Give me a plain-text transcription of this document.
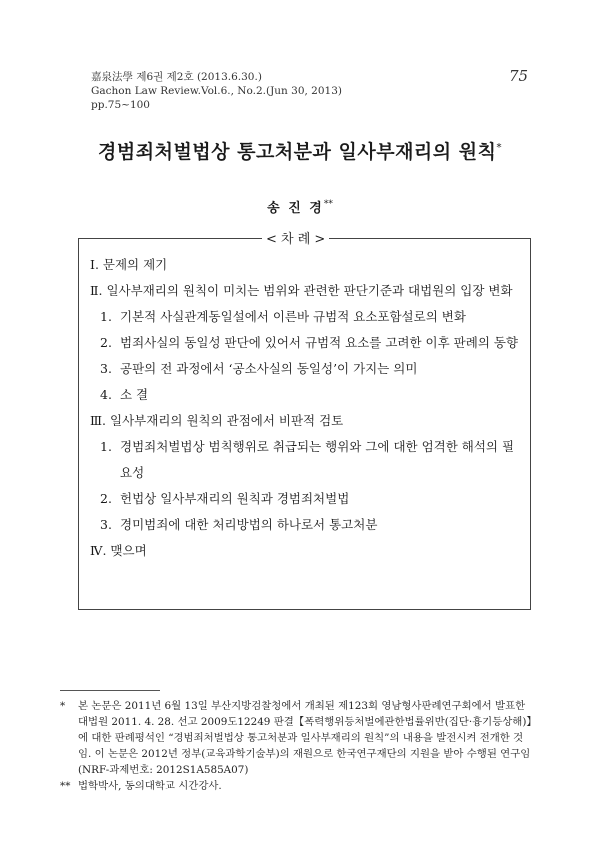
嘉泉法學 제6권 제2호 (2013.6.30.)
Gachon Law Review.Vol.6., No.2.(Jun 30, 2013)
pp.75~100
75
경범죄처벌법상 통고처분과 일사부재리의 원칙*
송 진 경**
< 차 례 >
Ⅰ. 문제의 제기
Ⅱ. 일사부재리의 원칙이 미치는 범위와 관련한 판단기준과 대법원의 입장 변화
1. 기본적 사실관계동일설에서 이른바 규범적 요소포함설로의 변화
2. 범죄사실의 동일성 판단에 있어서 규범적 요소를 고려한 이후 판례의 동향
3. 공판의 전 과정에서 ‘공소사실의 동일성’이 가지는 의미
4. 소 결
Ⅲ. 일사부재리의 원칙의 관점에서 비판적 검토
1. 경범죄처벌법상 범칙행위로 취급되는 행위와 그에 대한 엄격한 해석의 필요성
2. 헌법상 일사부재리의 원칙과 경범죄처벌법
3. 경미범죄에 대한 처리방법의 하나로서 통고처분
Ⅳ. 맺으며
* 본 논문은 2011년 6월 13일 부산지방검찰청에서 개최된 제123회 영남형사판례연구회에서 발표한 대법원 2011. 4. 28. 선고 2009도12249 판결【폭력행위등처벌에관한법률위반(집단·흉기등상해)】에 대한 판례평석인 “경범죄처벌법상 통고처분과 일사부재리의 원칙”의 내용을 발전시켜 전개한 것임. 이 논문은 2012년 정부(교육과학기술부)의 재원으로 한국연구재단의 지원을 받아 수행된 연구임(NRF-과제번호: 2012S1A585A07)
** 법학박사, 동의대학교 시간강사.
